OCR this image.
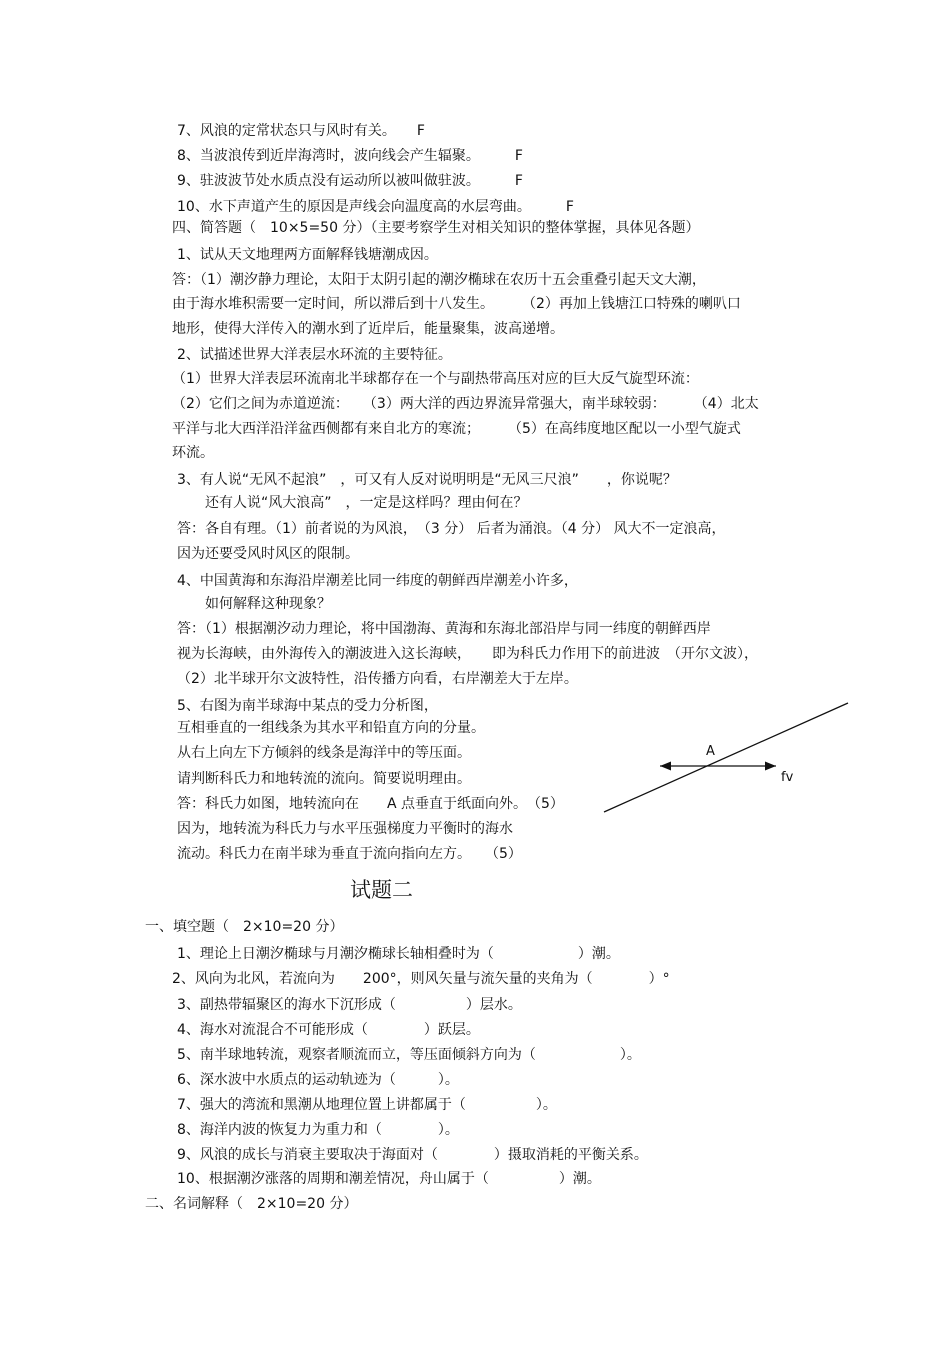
7、风浪的定常状态只与风时有关。　　F

8、当波浪传到近岸海湾时，波向线会产生辐聚。　　　F

9、驻波波节处水质点没有运动所以被叫做驻波。　　　F

10、水下声道产生的原因是声线会向温度高的水层弯曲。　　　F

四、简答题（　10×5=50 分）（主要考察学生对相关知识的整体掌握，具体见各题）

1、试从天文地理两方面解释钱塘潮成因。

答：（1）潮汐静力理论，太阳于太阴引起的潮汐椭球在农历十五会重叠引起天文大潮，

由于海水堆积需要一定时间，所以滞后到十八发生。　　　（2）再加上钱塘江口特殊的喇叭口

地形，使得大洋传入的潮水到了近岸后，能量聚集，波高递增。

2、试描述世界大洋表层水环流的主要特征。

（1）世界大洋表层环流南北半球都存在一个与副热带高压对应的巨大反气旋型环流：

（2）它们之间为赤道逆流：　　（3）两大洋的西边界流异常强大，南半球较弱：　　　（4）北太

平洋与北大西洋沿洋盆西侧都有来自北方的寒流；　　　（5）在高纬度地区配以一小型气旋式

环流。

3、有人说“无风不起浪”　，可又有人反对说明明是“无风三尺浪”　　，你说呢？

　　还有人说“风大浪高”　，一定是这样吗？理由何在？

答：各自有理。（1）前者说的为风浪，　（3 分） 后者为涌浪。（4 分） 风大不一定浪高，

因为还要受风时风区的限制。

4、中国黄海和东海沿岸潮差比同一纬度的朝鲜西岸潮差小许多，

　　如何解释这种现象？

答：（1）根据潮汐动力理论，将中国渤海、黄海和东海北部沿岸与同一纬度的朝鲜西岸

视为长海峡，由外海传入的潮波进入这长海峡，　　即为科氏力作用下的前进波　（开尔文波），

（2）北半球开尔文波特性，沿传播方向看，右岸潮差大于左岸。

5、右图为南半球海中某点的受力分析图，

互相垂直的一组线条为其水平和铅直方向的分量。

从右上向左下方倾斜的线条是海洋中的等压面。

请判断科氏力和地转流的流向。简要说明理由。

答：科氏力如图，地转流向在　　A 点垂直于纸面向外。　（5）

因为，地转流为科氏力与水平压强梯度力平衡时的海水

流动。科氏力在南半球为垂直于流向指向左方。　　（5）

A

fv

试题二

一、填空题（　2×10=20 分）

1、理论上日潮汐椭球与月潮汐椭球长轴相叠时为（　　　　　　）潮。

2、风向为北风，若流向为　　200°，则风矢量与流矢量的夹角为（　　　　）°

3、副热带辐聚区的海水下沉形成（　　　　　）层水。

4、海水对流混合不可能形成（　　　　）跃层。

5、南半球地转流，观察者顺流而立，等压面倾斜方向为（　　　　　　）。

6、深水波中水质点的运动轨迹为（　　　）。

7、强大的湾流和黑潮从地理位置上讲都属于（　　　　　）。

8、海洋内波的恢复力为重力和（　　　　）。

9、风浪的成长与消衰主要取决于海面对（　　　　）摄取消耗的平衡关系。

10、根据潮汐涨落的周期和潮差情况，舟山属于（　　　　　）潮。

二、名词解释（　2×10=20 分）
